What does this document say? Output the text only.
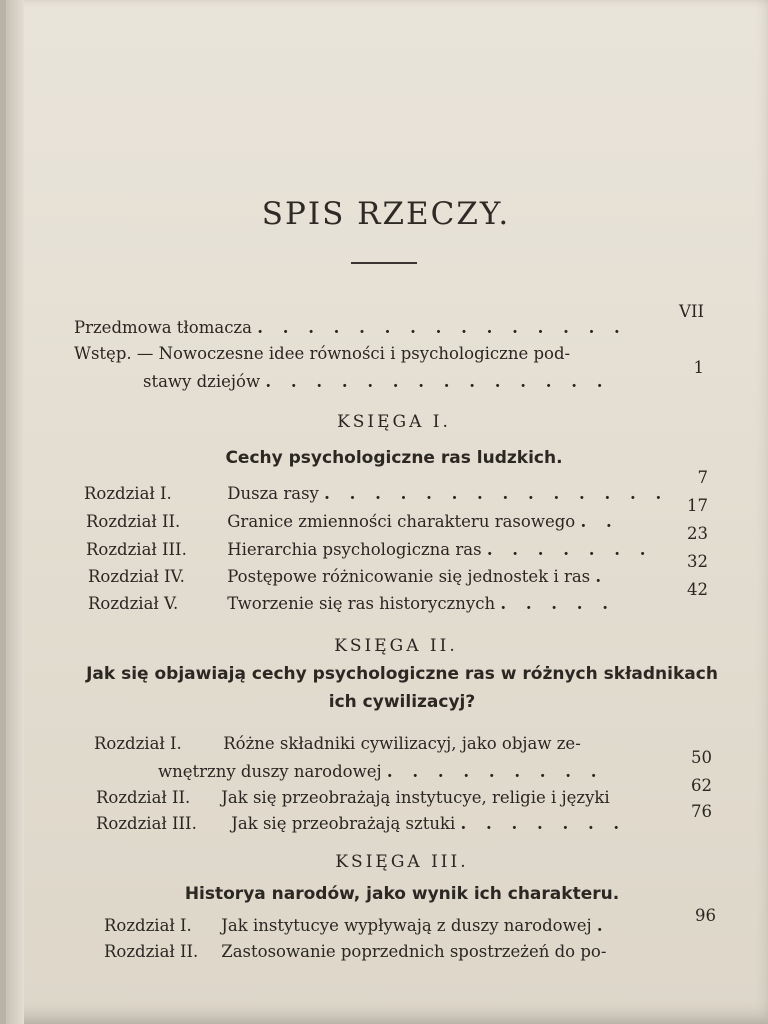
SPIS RZECZY.
Przedmowa tłomacza . . . . . . . . . . . . . . .
VII
Wstęp. — Nowoczesne idee równości i psychologiczne pod-
stawy dziejów . . . . . . . . . . . . . .
1
KSIĘGA I.
Cechy psychologiczne ras ludzkich.
Rozdział I.	Dusza rasy . . . . . . . . . . . . . .
7
Rozdział II.	Granice zmienności charakteru rasowego . .
17
Rozdział III. Hierarchia psychologiczna ras . . . . . . .
23
Rozdział IV.	Postępowe różnicowanie się jednostek i ras .
32
Rozdział V.	Tworzenie się ras historycznych . . . . .
42
KSIĘGA II.
Jak się objawiają cechy psychologiczne ras w różnych składnikach
ich cywilizacyj?
Rozdział I.	Różne składniki cywilizacyj, jako objaw ze-
wnętrzny duszy narodowej . . . . . . . . .
50
Rozdział II. Jak się przeobrażają instytucye, religie i języki
62
Rozdział III. Jak się przeobrażają sztuki . . . . . . .
76
KSIĘGA III.
Historya narodów, jako wynik ich charakteru.
Rozdział I. Jak instytucye wypływają z duszy narodowej .
96
Rozdział II. Zastosowanie poprzednich spostrzeżeń do po-
